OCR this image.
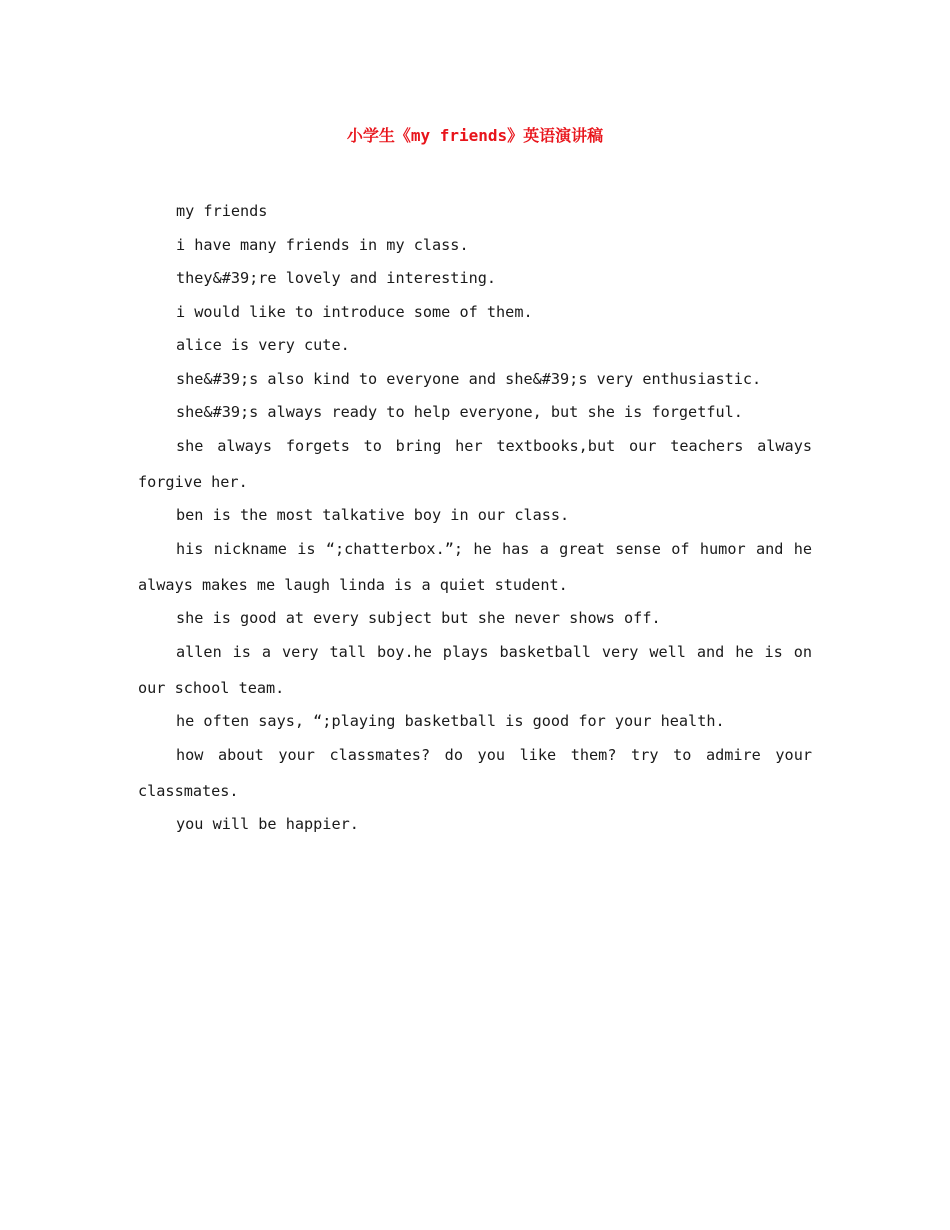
小学生《my friends》英语演讲稿

my friends

i have many friends in my class.

they&#39;re lovely and interesting.

i would like to introduce some of them.

alice is very cute.

she&#39;s also kind to everyone and she&#39;s very enthusiastic.

she&#39;s always ready to help everyone, but she is forgetful.

she always forgets to bring her textbooks,but our teachers always forgive her.

ben is the most talkative boy in our class.

his nickname is “;chatterbox.”; he has a great sense of humor and he always makes me laugh linda is a quiet student.

she is good at every subject but she never shows off.

allen is a very tall boy.he plays basketball very well and he is on our school team.

he often says, “;playing basketball is good for your health.

how about your classmates? do you like them? try to admire your classmates.

you will be happier.
